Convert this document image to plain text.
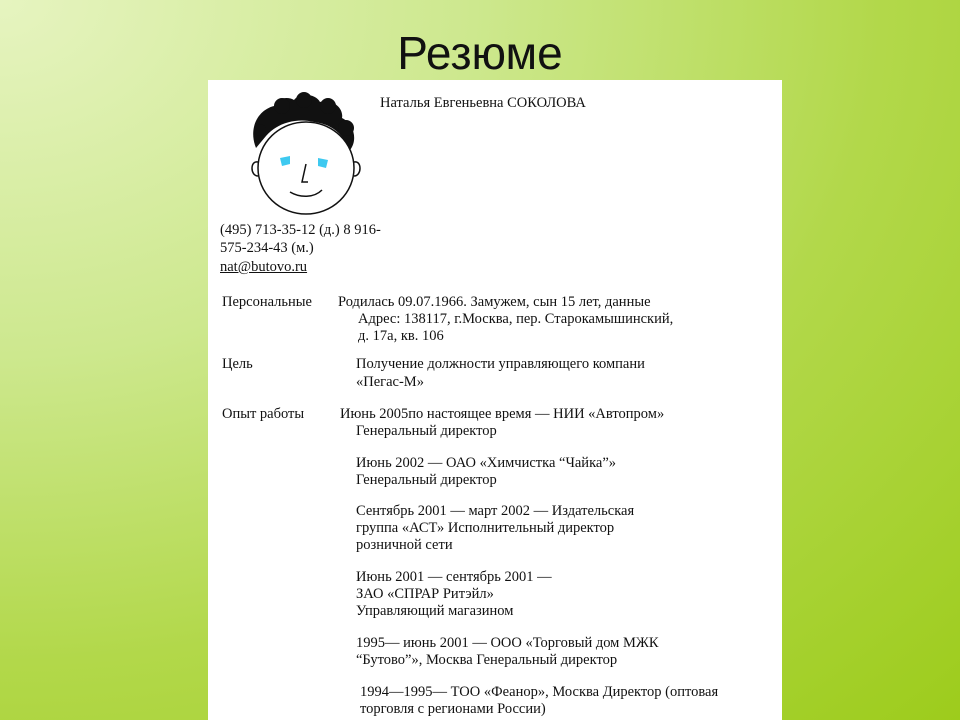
Резюме

Наталья Евгеньевна СОКОЛОВА

(495) 713-35-12 (д.) 8 916-

575-234-43 (м.)

nat@butovo.ru

Персональные Родилась 09.07.1966. Замужем, сын 15 лет, данные

Адрес: 138117, г.Москва, пер. Старокамышинский,

д. 17а, кв. 106

Цель	Получение должности управляющего компани

«Пегас-М»

Опыт работы Июнь 2005по настоящее время — НИИ «Автопром»

Генеральный директор

Июнь 2002 — ОАО «Химчистка “Чайка”»

Генеральный директор

Сентябрь 2001 — март 2002 — Издательская

группа «АСТ» Исполнительный директор

розничной сети

Июнь 2001 — сентябрь 2001 —

ЗАО «СПРАР Ритэйл»

Управляющий магазином

1995— июнь 2001 — ООО «Торговый дом МЖК

“Бутово”», Москва Генеральный директор

1994—1995— ТОО «Феанор», Москва Директор (оптовая

торговля с регионами России)
